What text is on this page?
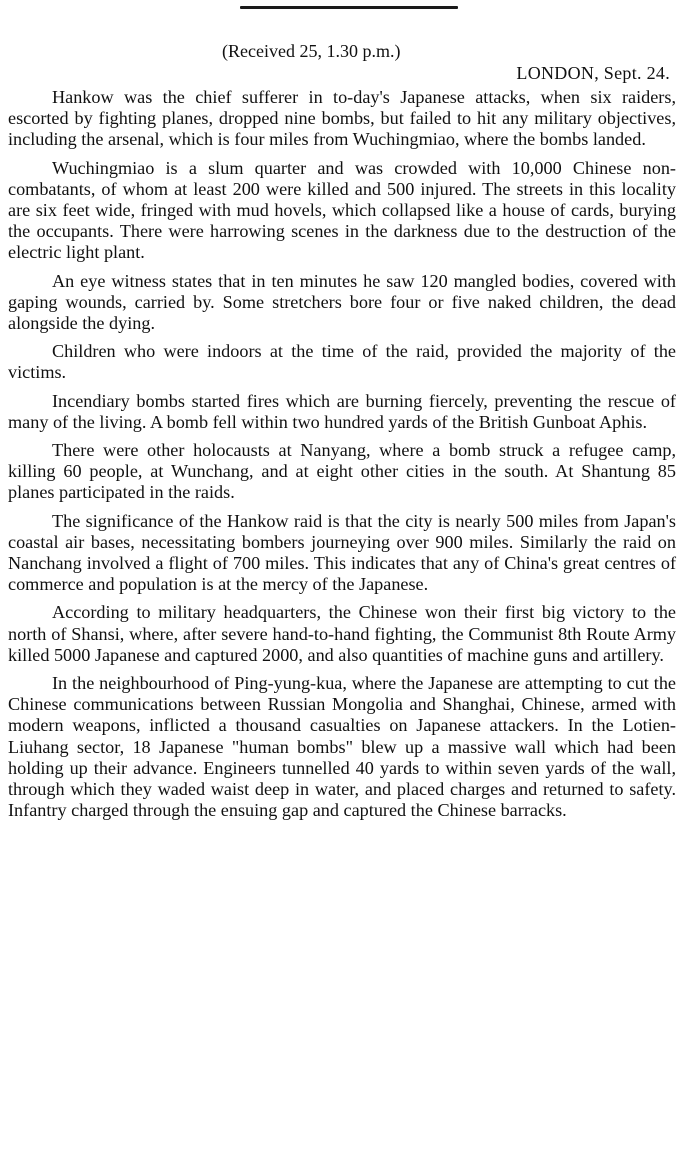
(Received 25, 1.30 p.m.)
LONDON, Sept. 24.

Hankow was the chief sufferer in to-day's Japanese attacks, when six raiders, escorted by fighting planes, dropped nine bombs, but failed to hit any military objectives, including the arsenal, which is four miles from Wuchingmiao, where the bombs landed.

Wuchingmiao is a slum quarter and was crowded with 10,000 Chinese non-combatants, of whom at least 200 were killed and 500 injured. The streets in this locality are six feet wide, fringed with mud hovels, which collapsed like a house of cards, burying the occupants. There were harrowing scenes in the darkness due to the destruction of the electric light plant.

An eye witness states that in ten minutes he saw 120 mangled bodies, covered with gaping wounds, carried by. Some stretchers bore four or five naked children, the dead alongside the dying.

Children who were indoors at the time of the raid, provided the majority of the victims.

Incendiary bombs started fires which are burning fiercely, preventing the rescue of many of the living. A bomb fell within two hundred yards of the British Gunboat Aphis.

There were other holocausts at Nanyang, where a bomb struck a refugee camp, killing 60 people, at Wunchang, and at eight other cities in the south. At Shantung 85 planes participated in the raids.

The significance of the Hankow raid is that the city is nearly 500 miles from Japan's coastal air bases, necessitating bombers journeying over 900 miles. Similarly the raid on Nanchang involved a flight of 700 miles. This indicates that any of China's great centres of commerce and population is at the mercy of the Japanese.

According to military headquarters, the Chinese won their first big victory to the north of Shansi, where, after severe hand-to-hand fighting, the Communist 8th Route Army killed 5000 Japanese and captured 2000, and also quantities of machine guns and artillery.

In the neighbourhood of Ping-yung-kua, where the Japanese are attempting to cut the Chinese communications between Russian Mongolia and Shanghai, Chinese, armed with modern weapons, inflicted a thousand casualties on Japanese attackers. In the Lotien-Liuhang sector, 18 Japanese "human bombs" blew up a massive wall which had been holding up their advance. Engineers tunnelled 40 yards to within seven yards of the wall, through which they waded waist deep in water, and placed charges and returned to safety. Infantry charged through the ensuing gap and captured the Chinese barracks.
